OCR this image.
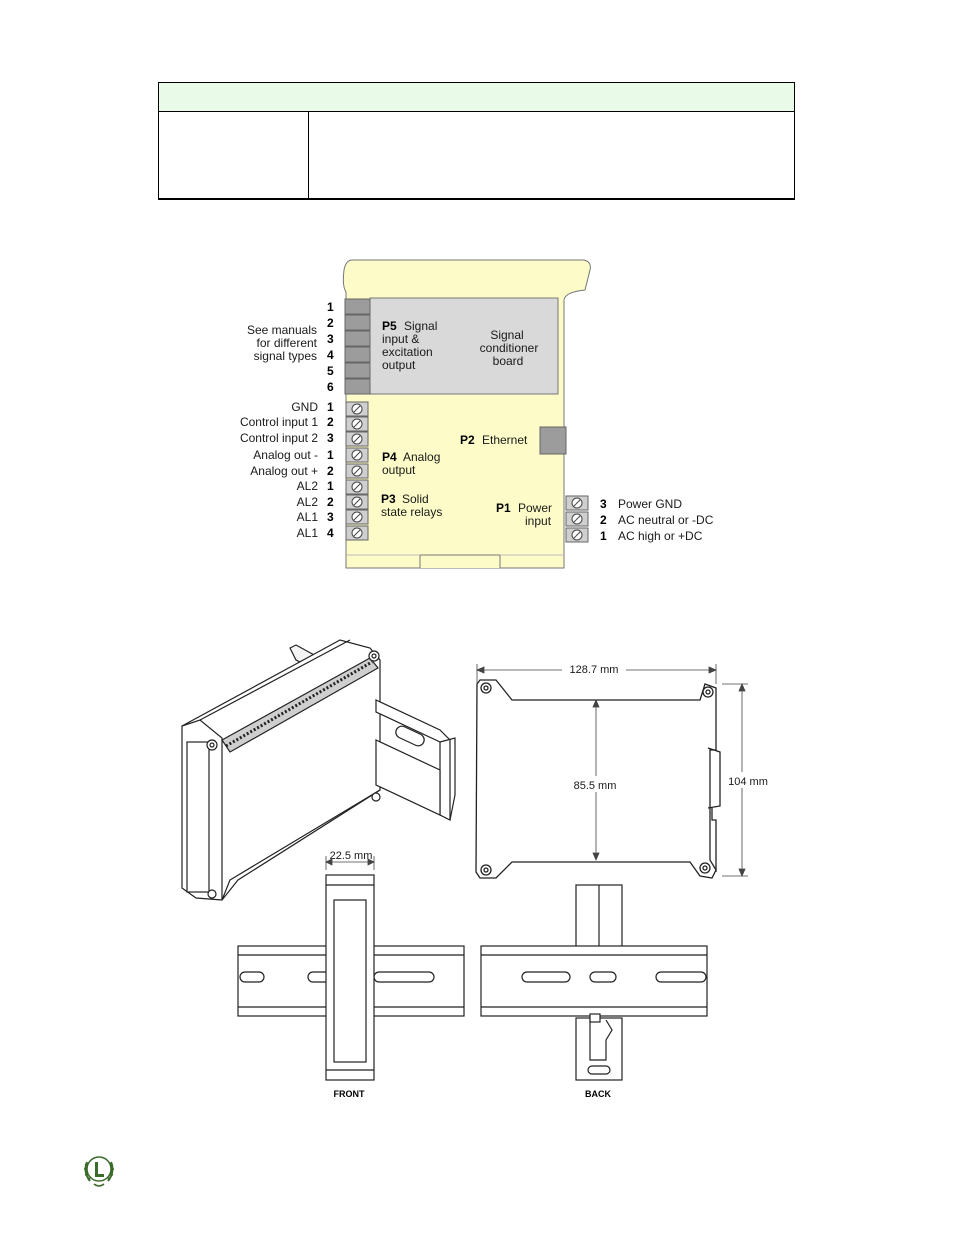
1
2
3
4
5
6
See manuals
for different
signal types
P5 Signal
input &
excitation
output
Signal
conditioner
board
GND 1
Control input 1 2
Control input 2 3
Analog out - 1
Analog out + 2
AL2 1
AL2 2
AL1 3
AL1 4
P4 Analog
output
P3 Solid
state relays
P2 Ethernet
P1 Power
input
3 Power GND
2 AC neutral or -DC
1 AC high or +DC
128.7 mm
85.5 mm	104 mm
22.5 mm
FRONT	BACK
